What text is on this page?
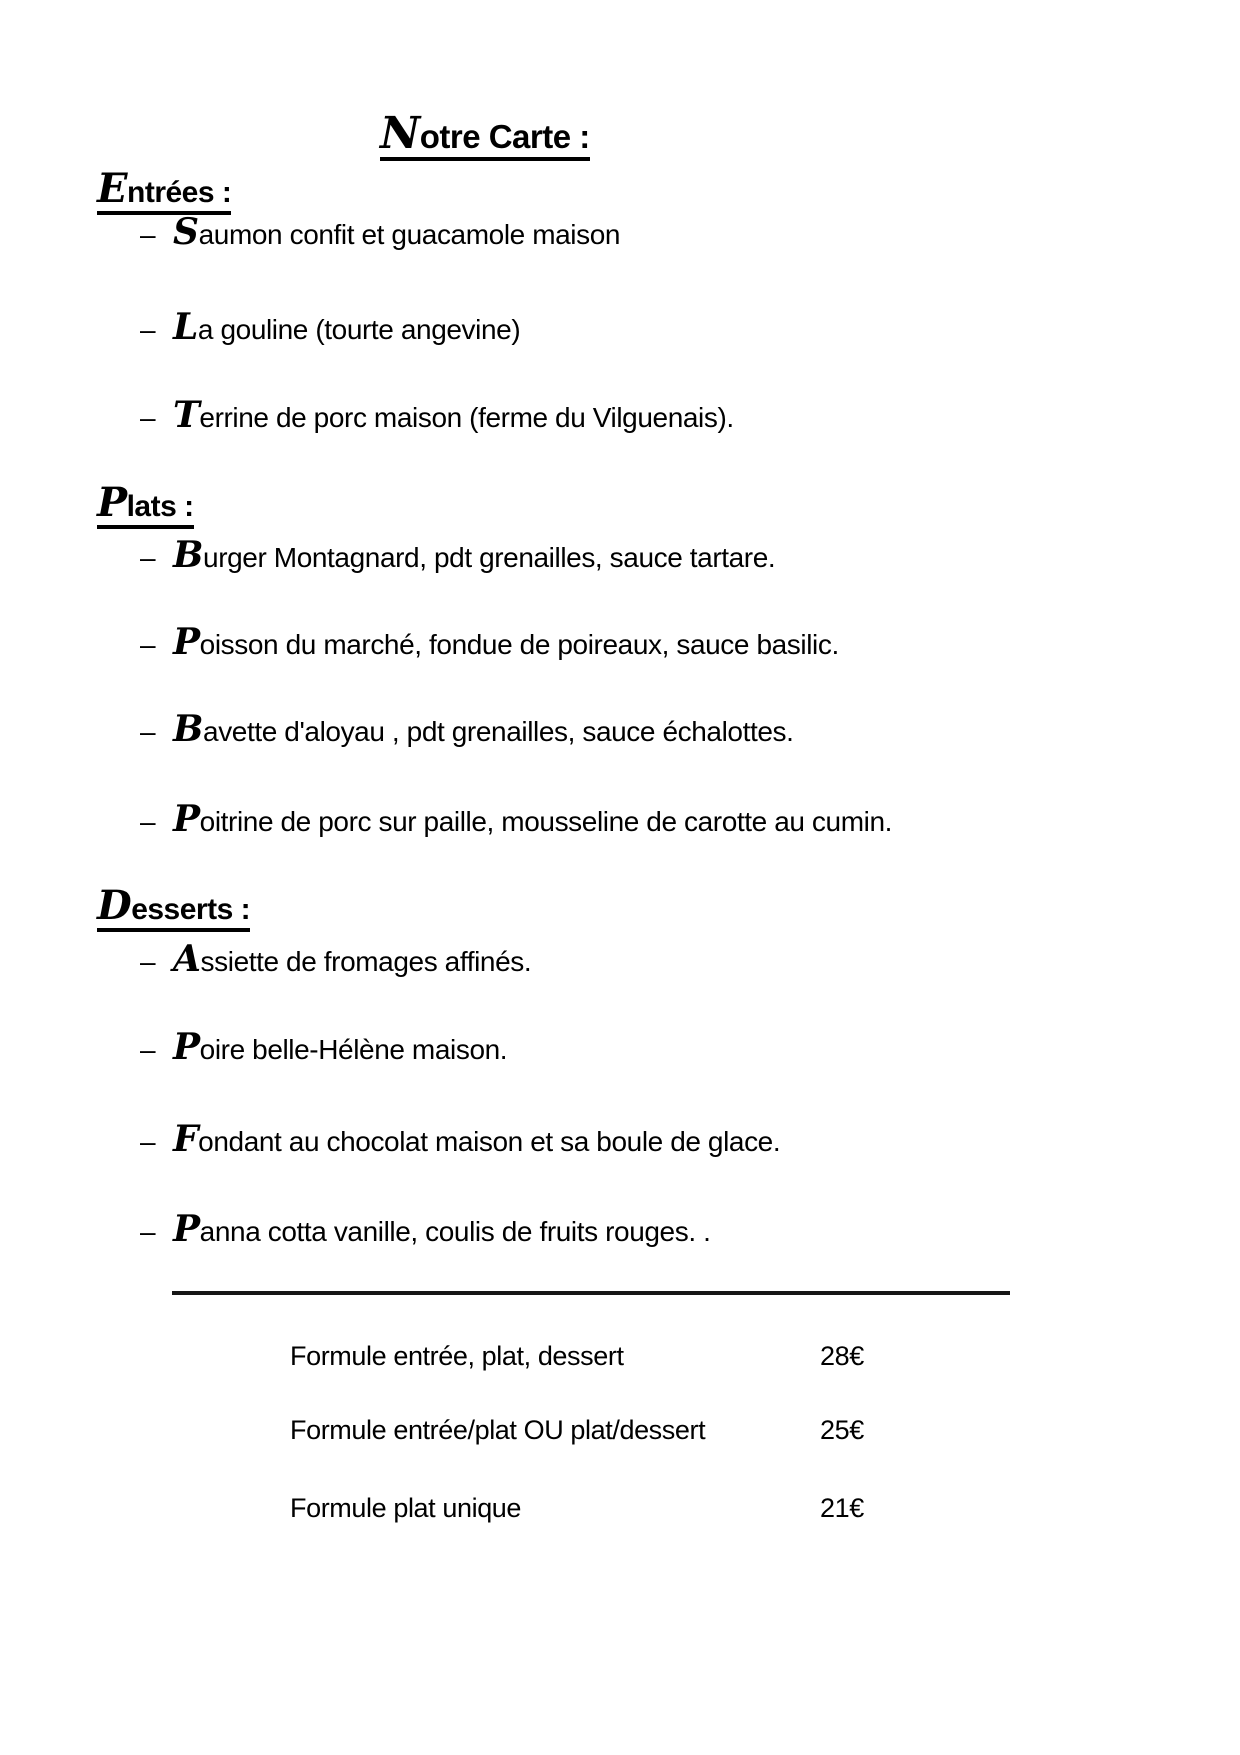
Notre Carte :
Entrées :
– Saumon confit et guacamole maison
– La gouline (tourte angevine)
– Terrine de porc maison (ferme du Vilguenais).
Plats :
– Burger Montagnard, pdt grenailles, sauce tartare.
– Poisson du marché, fondue de poireaux, sauce basilic.
– Bavette d'aloyau , pdt grenailles, sauce échalottes.
– Poitrine de porc sur paille, mousseline de carotte au cumin.
Desserts :
– Assiette de fromages affinés.
– Poire belle-Hélène maison.
– Fondant au chocolat maison et sa boule de glace.
– Panna cotta vanille, coulis de fruits rouges. .
Formule entrée, plat, dessert	28€
Formule entrée/plat OU plat/dessert	25€
Formule plat unique	21€
